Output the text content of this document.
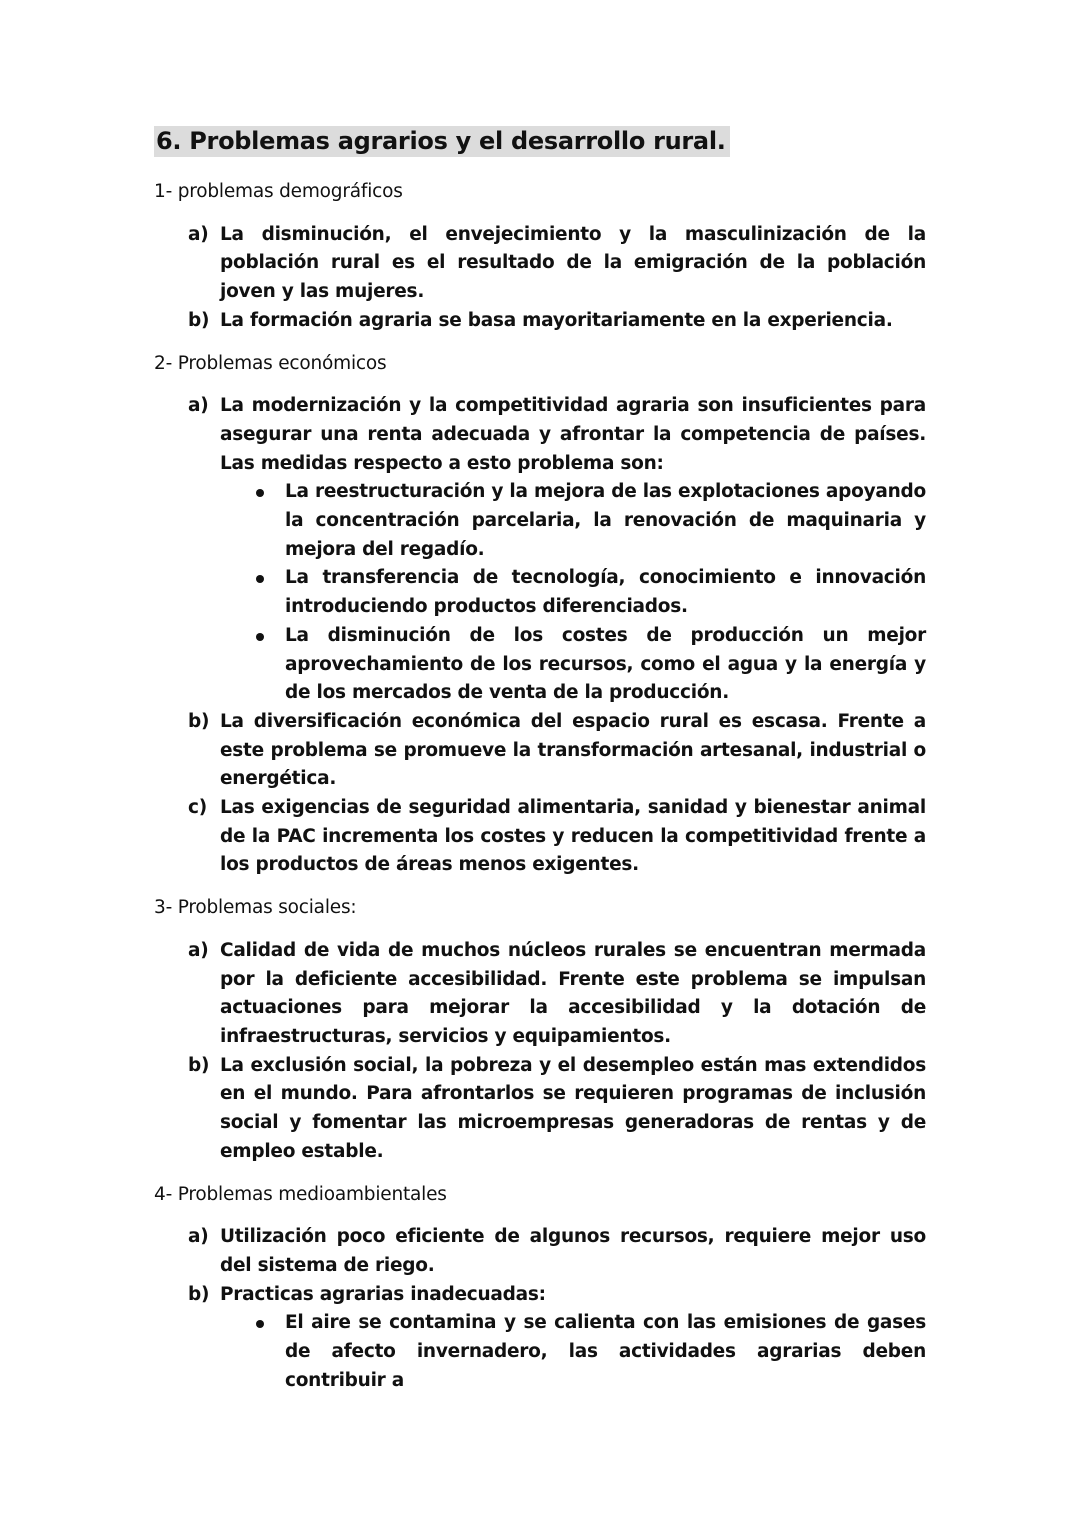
6. Problemas agrarios y el desarrollo rural.
1- problemas demográficos
a) La disminución, el envejecimiento y la masculinización de la población rural es el resultado de la emigración de la población joven y las mujeres.
b) La formación agraria se basa mayoritariamente en la experiencia.
2- Problemas económicos
a) La modernización y la competitividad agraria son insuficientes para asegurar una renta adecuada y afrontar la competencia de países. Las medidas respecto a esto problema son:
La reestructuración y la mejora de las explotaciones apoyando la concentración parcelaria, la renovación de maquinaria y mejora del regadío.
La transferencia de tecnología, conocimiento e innovación introduciendo productos diferenciados.
La disminución de los costes de producción un mejor aprovechamiento de los recursos, como el agua y la energía y de los mercados de venta de la producción.
b) La diversificación económica del espacio rural es escasa. Frente a este problema se promueve la transformación artesanal, industrial o energética.
c) Las exigencias de seguridad alimentaria, sanidad y bienestar animal de la PAC incrementa los costes y reducen la competitividad frente a los productos de áreas menos exigentes.
3- Problemas sociales:
a) Calidad de vida de muchos núcleos rurales se encuentran mermada por la deficiente accesibilidad. Frente este problema se impulsan actuaciones para mejorar la accesibilidad y la dotación de infraestructuras, servicios y equipamientos.
b) La exclusión social, la pobreza y el desempleo están mas extendidos en el mundo. Para afrontarlos se requieren programas de inclusión social y fomentar las microempresas generadoras de rentas y de empleo estable.
4- Problemas medioambientales
a) Utilización poco eficiente de algunos recursos, requiere mejor uso del sistema de riego.
b) Practicas agrarias inadecuadas:
El aire se contamina y se calienta con las emisiones de gases de afecto invernadero, las actividades agrarias deben contribuir a
